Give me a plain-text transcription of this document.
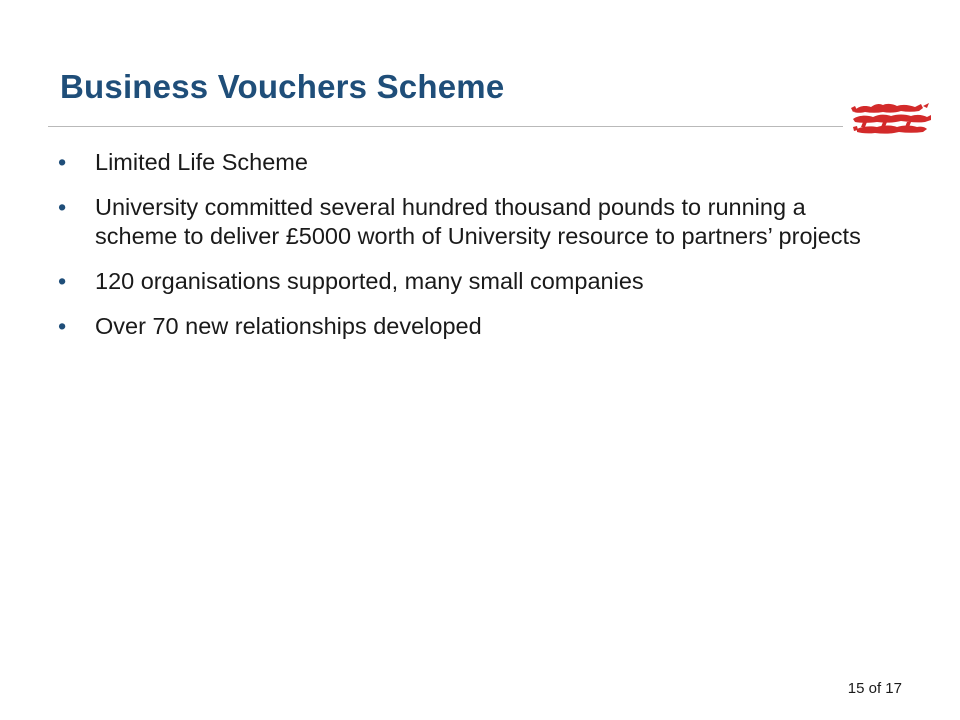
Business Vouchers Scheme
• Limited Life Scheme
• University committed several hundred thousand pounds to running a scheme to deliver £5000 worth of University resource to partners’ projects
• 120 organisations supported, many small companies
• Over 70 new relationships developed
15 of 17
